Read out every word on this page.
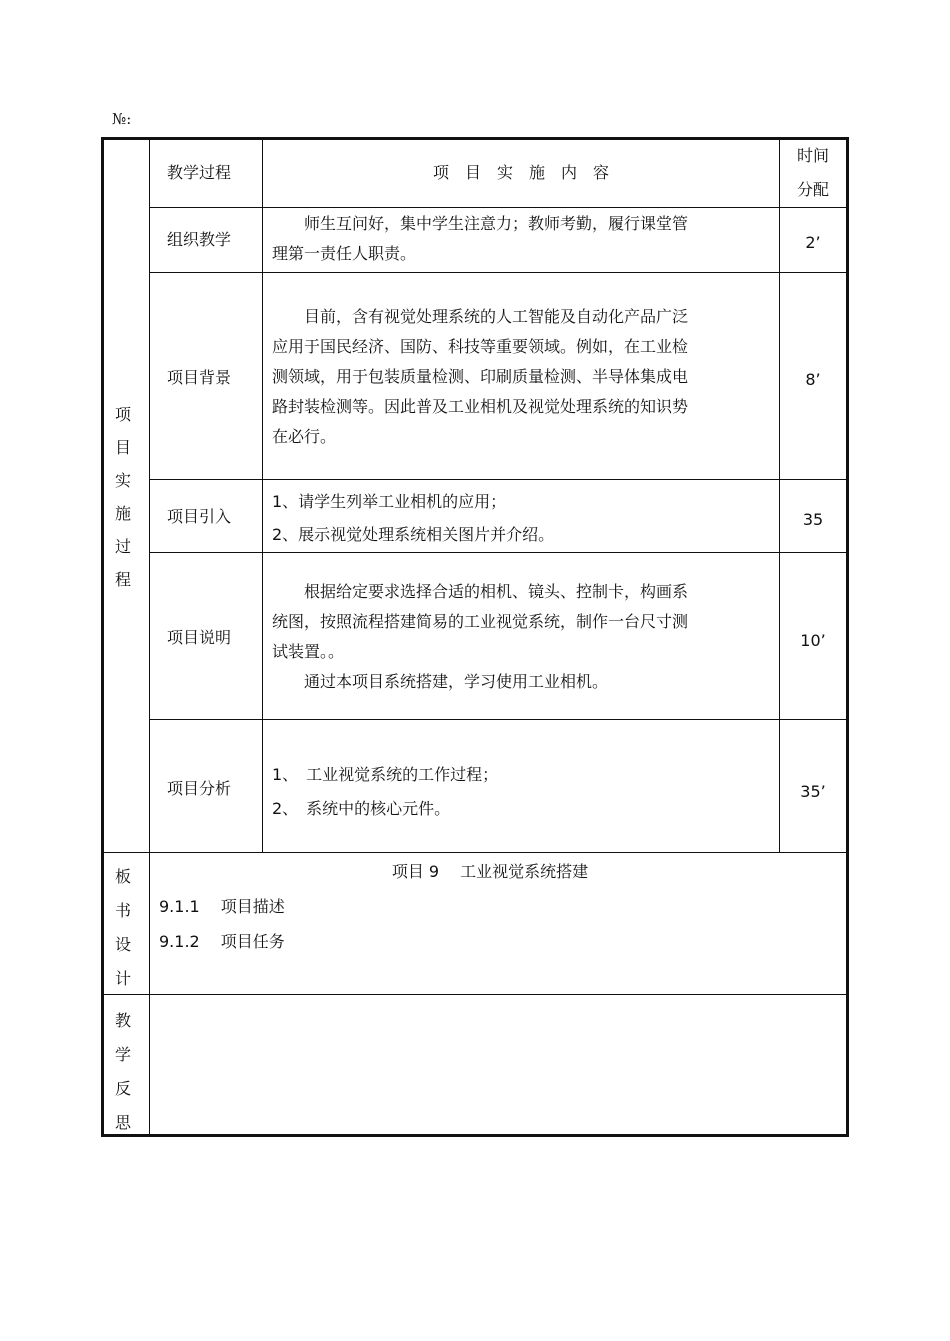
№:
教学过程	项　目　实　施　内　容
时间
分配
项
目
实
施
过
程
组织教学

师生互问好，集中学生注意力；教师考勤，履行课堂管

理第一责任人职责。

2’
项目背景

目前，含有视觉处理系统的人工智能及自动化产品广泛

应用于国民经济、国防、科技等重要领域。例如，在工业检

测领域，用于包装质量检测、印刷质量检测、半导体集成电

路封装检测等。因此普及工业相机及视觉处理系统的知识势

在必行。

8’
项目引入

1、请学生列举工业相机的应用；

2、展示视觉处理系统相关图片并介绍。

35
项目说明

根据给定要求选择合适的相机、镜头、控制卡，构画系

统图，按照流程搭建简易的工业视觉系统，制作一台尺寸测

试装置。。

通过本项目系统搭建，学习使用工业相机。

10’
项目分析

1、　工业视觉系统的工作过程；

2、　系统中的核心元件。

35’
板
书
设
计
项目 9　 工业视觉系统搭建
9.1.1　 项目描述
9.1.2　 项目任务
教
学
反
思
